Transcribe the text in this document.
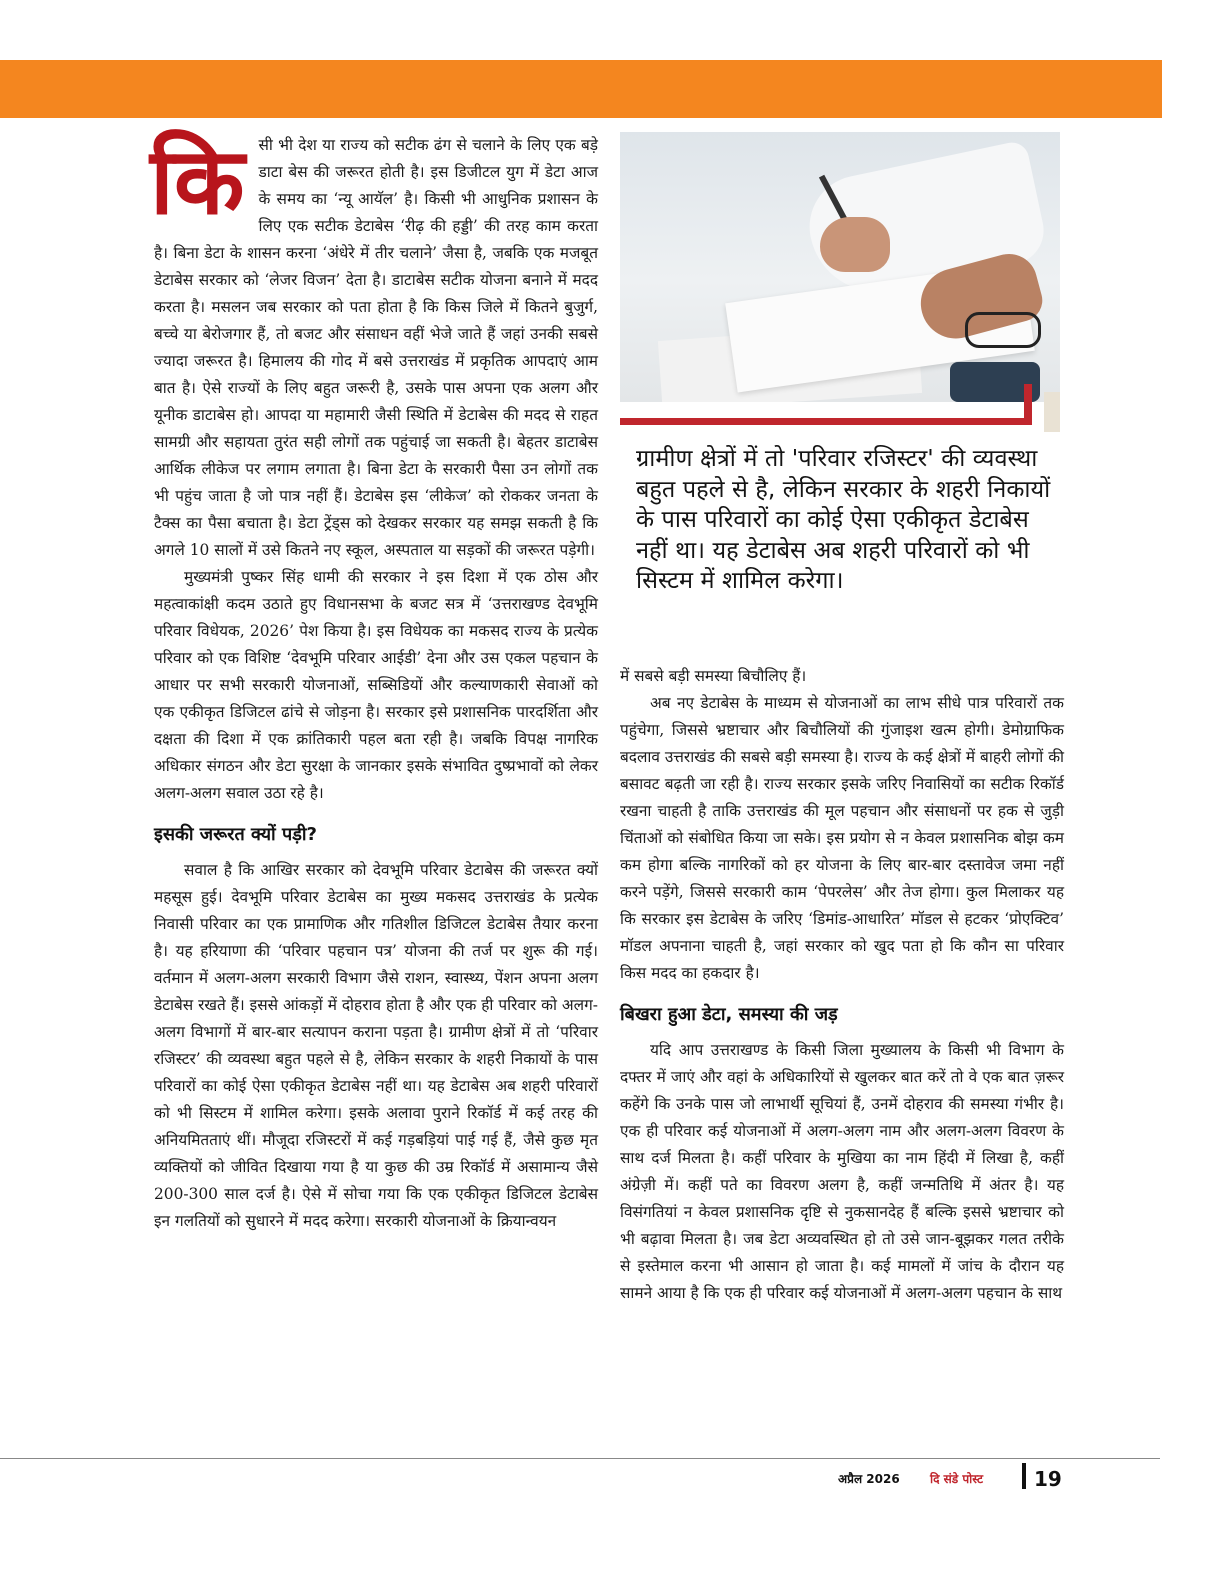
किसी भी देश या राज्य को सटीक ढंग से चलाने के लिए एक बड़े डाटा बेस की जरूरत होती है। इस डिजीटल युग में डेटा आज के समय का ‘न्यू आयॅल’ है। किसी भी आधुनिक प्रशासन के लिए एक सटीक डेटाबेस ‘रीढ़ की हड्डी’ की तरह काम करता है। बिना डेटा के शासन करना ‘अंधेरे में तीर चलाने’ जैसा है, जबकि एक मजबूत डेटाबेस सरकार को ‘लेजर विजन’ देता है। डाटाबेस सटीक योजना बनाने में मदद करता है। मसलन जब सरकार को पता होता है कि किस जिले में कितने बुजुर्ग, बच्चे या बेरोजगार हैं, तो बजट और संसाधन वहीं भेजे जाते हैं जहां उनकी सबसे ज्यादा जरूरत है। हिमालय की गोद में बसे उत्तराखंड में प्रकृतिक आपदाएं आम बात है। ऐसे राज्यों के लिए बहुत जरूरी है, उसके पास अपना एक अलग और यूनीक डाटाबेस हो। आपदा या महामारी जैसी स्थिति में डेटाबेस की मदद से राहत सामग्री और सहायता तुरंत सही लोगों तक पहुंचाई जा सकती है। बेहतर डाटाबेस आर्थिक लीकेज पर लगाम लगाता है। बिना डेटा के सरकारी पैसा उन लोगों तक भी पहुंच जाता है जो पात्र नहीं हैं। डेटाबेस इस ‘लीकेज’ को रोककर जनता के टैक्स का पैसा बचाता है। डेटा ट्रेंड्स को देखकर सरकार यह समझ सकती है कि अगले 10 सालों में उसे कितने नए स्कूल, अस्पताल या सड़कों की जरूरत पड़ेगी।

मुख्यमंत्री पुष्कर सिंह धामी की सरकार ने इस दिशा में एक ठोस और महत्वाकांक्षी कदम उठाते हुए विधानसभा के बजट सत्र में ‘उत्तराखण्ड देवभूमि परिवार विधेयक, 2026’ पेश किया है। इस विधेयक का मकसद राज्य के प्रत्येक परिवार को एक विशिष्ट ‘देवभूमि परिवार आईडी’ देना और उस एकल पहचान के आधार पर सभी सरकारी योजनाओं, सब्सिडियों और कल्याणकारी सेवाओं को एक एकीकृत डिजिटल ढांचे से जोड़ना है। सरकार इसे प्रशासनिक पारदर्शिता और दक्षता की दिशा में एक क्रांतिकारी पहल बता रही है। जबकि विपक्ष नागरिक अधिकार संगठन और डेटा सुरक्षा के जानकार इसके संभावित दुष्प्रभावों को लेकर अलग-अलग सवाल उठा रहे है।

इसकी जरूरत क्यों पड़ी?

सवाल है कि आखिर सरकार को देवभूमि परिवार डेटाबेस की जरूरत क्यों महसूस हुई। देवभूमि परिवार डेटाबेस का मुख्य मकसद उत्तराखंड के प्रत्येक निवासी परिवार का एक प्रामाणिक और गतिशील डिजिटल डेटाबेस तैयार करना है। यह हरियाणा की ‘परिवार पहचान पत्र’ योजना की तर्ज पर शुरू की गई। वर्तमान में अलग-अलग सरकारी विभाग जैसे राशन, स्वास्थ्य, पेंशन अपना अलग डेटाबेस रखते हैं। इससे आंकड़ों में दोहराव होता है और एक ही परिवार को अलग-अलग विभागों में बार-बार सत्यापन कराना पड़ता है। ग्रामीण क्षेत्रों में तो ‘परिवार रजिस्टर’ की व्यवस्था बहुत पहले से है, लेकिन सरकार के शहरी निकायों के पास परिवारों का कोई ऐसा एकीकृत डेटाबेस नहीं था। यह डेटाबेस अब शहरी परिवारों को भी सिस्टम में शामिल करेगा। इसके अलावा पुराने रिकॉर्ड में कई तरह की अनियमितताएं थीं। मौजूदा रजिस्टरों में कई गड़बड़ियां पाई गई हैं, जैसे कुछ मृत व्यक्तियों को जीवित दिखाया गया है या कुछ की उम्र रिकॉर्ड में असामान्य जैसे 200-300 साल दर्ज है। ऐसे में सोचा गया कि एक एकीकृत डिजिटल डेटाबेस इन गलतियों को सुधारने में मदद करेगा। सरकारी योजनाओं के क्रियान्वयन

ग्रामीण क्षेत्रों में तो 'परिवार रजिस्टर' की व्यवस्था बहुत पहले से है, लेकिन सरकार के शहरी निकायों के पास परिवारों का कोई ऐसा एकीकृत डेटाबेस नहीं था। यह डेटाबेस अब शहरी परिवारों को भी सिस्टम में शामिल करेगा।

में सबसे बड़ी समस्या बिचौलिए हैं।

अब नए डेटाबेस के माध्यम से योजनाओं का लाभ सीधे पात्र परिवारों तक पहुंचेगा, जिससे भ्रष्टाचार और बिचौलियों की गुंजाइश खत्म होगी। डेमोग्राफिक बदलाव उत्तराखंड की सबसे बड़ी समस्या है। राज्य के कई क्षेत्रों में बाहरी लोगों की बसावट बढ़ती जा रही है। राज्य सरकार इसके जरिए निवासियों का सटीक रिकॉर्ड रखना चाहती है ताकि उत्तराखंड की मूल पहचान और संसाधनों पर हक से जुड़ी चिंताओं को संबोधित किया जा सके। इस प्रयोग से न केवल प्रशासनिक बोझ कम कम होगा बल्कि नागरिकों को हर योजना के लिए बार-बार दस्तावेज जमा नहीं करने पड़ेंगे, जिससे सरकारी काम ‘पेपरलेस’ और तेज होगा। कुल मिलाकर यह कि सरकार इस डेटाबेस के जरिए ‘डिमांड-आधारित’ मॉडल से हटकर ‘प्रोएक्टिव’ मॉडल अपनाना चाहती है, जहां सरकार को खुद पता हो कि कौन सा परिवार किस मदद का हकदार है।

बिखरा हुआ डेटा, समस्या की जड़

यदि आप उत्तराखण्ड के किसी जिला मुख्यालय के किसी भी विभाग के दफ्तर में जाएं और वहां के अधिकारियों से खुलकर बात करें तो वे एक बात ज़रूर कहेंगे कि उनके पास जो लाभार्थी सूचियां हैं, उनमें दोहराव की समस्या गंभीर है। एक ही परिवार कई योजनाओं में अलग-अलग नाम और अलग-अलग विवरण के साथ दर्ज मिलता है। कहीं परिवार के मुखिया का नाम हिंदी में लिखा है, कहीं अंग्रेज़ी में। कहीं पते का विवरण अलग है, कहीं जन्मतिथि में अंतर है। यह विसंगतियां न केवल प्रशासनिक दृष्टि से नुकसानदेह हैं बल्कि इससे भ्रष्टाचार को भी बढ़ावा मिलता है। जब डेटा अव्यवस्थित हो तो उसे जान-बूझकर गलत तरीके से इस्तेमाल करना भी आसान हो जाता है। कई मामलों में जांच के दौरान यह सामने आया है कि एक ही परिवार कई योजनाओं में अलग-अलग पहचान के साथ

अप्रैल 2026	दि संडे पोस्ट	19
